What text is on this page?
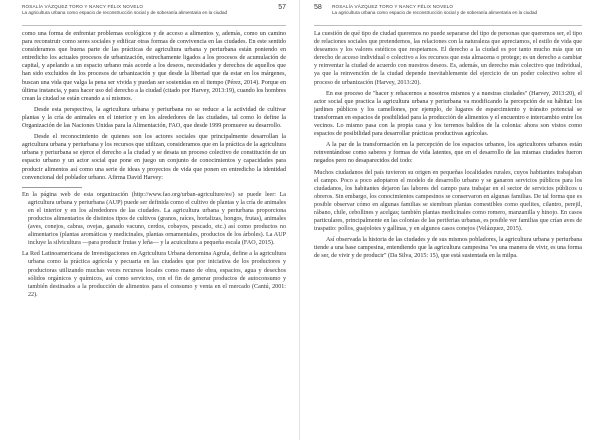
ROSALÍA VÁZQUEZ TORO Y NANCY FÉLIX NOVELO
La agricultura urbana como espacio de reconstrucción social y de soberanía alimentaria en la ciudad
57

como una forma de enfrentar problemas ecológicos y de acceso a alimentos y, además, como un camino para reconstruir como seres sociales y edificar otras formas de convivencia en las ciudades. En este sentido consideramos que buena parte de las prácticas de agricultura urbana y periurbana están poniendo en entredicho los actuales procesos de urbanización, estrechamente ligados a los procesos de acumulación de capital, y apelando a un espacio urbano más acorde a los deseos, necesidades y derechos de aquellos que han sido excluidos de los procesos de urbanización y que desde la libertad que da estar en los márgenes, buscan una vida que valga la pena ser vivida y puedan ser sostenidas en el tiempo (Pérez, 2014). Porque en última instancia, y para hacer uso del derecho a la ciudad (citado por Harvey, 2013:19), cuando los hombres crean la ciudad se están creando a sí mismos.

Desde esta perspectiva, la agricultura urbana y periurbana no se reduce a la actividad de cultivar plantas y la cría de animales en el interior y en los alrededores de las ciudades, tal como lo define la Organización de las Naciones Unidas para la Alimentación, FAO, que desde 1999 promueve su desarrollo.

Desde el reconocimiento de quienes son los actores sociales que principalmente desarrollan la agricultura urbana y periurbana y los recursos que utilizan, consideramos que en la práctica de la agricultura urbana y periurbana se ejerce el derecho a la ciudad y se desata un proceso colectivo de constitución de un espacio urbano y un actor social que pone en juego un conjunto de conocimientos y capacidades para producir alimentos así como una serie de ideas y proyectos de vida que ponen en entredicho la identidad convencional del poblador urbano. Afirma David Harvey:

En la página web de esta organización (http://www.fao.org/urban-agriculture/es/) se puede leer: La agricultura urbana y periurbana (AUP) puede ser definida como el cultivo de plantas y la cría de animales en el interior y en los alrededores de las ciudades. La agricultura urbana y periurbana proporciona productos alimentarios de distintos tipos de cultivos (granos, raíces, hortalizas, hongos, frutas), animales (aves, conejos, cabras, ovejas, ganado vacuno, cerdos, cobayos, pescado, etc.) así como productos no alimentarios (plantas aromáticas y medicinales, plantas ornamentales, productos de los árboles). La AUP incluye la silvicultura —para producir frutas y leña— y la acuicultura a pequeña escala (FAO, 2015).

La Red Latinoamericana de Investigaciones en Agricultura Urbana denomina Agrula, define a la agricultura urbana como la práctica agrícola y pecuaria en las ciudades que por iniciativa de los productores y productoras utilizando muchas veces recursos locales como mano de obra, espacios, agua y desechos sólidos orgánicos y químicos, así como servicios, con el fin de generar productos de autoconsumo y también destinados a la producción de alimentos para el consumo y venta en el mercado (Cantú, 2001: 22).

58 ROSALÍA VÁZQUEZ TORO Y NANCY FÉLIX NOVELO
La agricultura urbana como espacio de reconstrucción social y de soberanía alimentaria en la ciudad

La cuestión de qué tipo de ciudad queremos no puede separarse del tipo de personas que queremos ser, el tipo de relaciones sociales que pretendemos, las relaciones con la naturaleza que apreciamos, el estilo de vida que deseamos y los valores estéticos que respetamos. El derecho a la ciudad es por tanto mucho más que un derecho de acceso individual o colectivo a los recursos que esta almacena o protege; es un derecho a cambiar y reinventar la ciudad de acuerdo con nuestros deseos. Es, además, un derecho más colectivo que individual, ya que la reinvención de la ciudad depende inevitablemente del ejercicio de un poder colectivo sobre el proceso de urbanización (Harvey, 2013:20).

En ese proceso de "hacer y rehacernos a nosotros mismos y a nuestras ciudades" (Harvey, 2013:20), el actor social que practica la agricultura urbana y periurbana va modificando la percepción de su hábitat: los jardines públicos y los camellones, por ejemplo, de lugares de esparcimiento y tránsito potencial se transforman en espacios de posibilidad para la producción de alimentos y el encuentro e intercambio entre los vecinos. Lo mismo pasa con la propia casa y los terrenos baldíos de la colonia: ahora son vistos como espacios de posibilidad para desarrollar prácticas productivas agrícolas.

A la par de la transformación en la percepción de los espacios urbanos, los agricultores urbanos están reinventándose como saberes y formas de vida latentes, que en el desarrollo de las mismas ciudades fueron negados pero no desaparecidos del todo:

Muchos ciudadanos del país tuvieron su origen en pequeñas localidades rurales, cuyos habitantes trabajaban el campo. Poco a poco adoptaron el modelo de desarrollo urbano y se ganaron servicios públicos para los ciudadanos, los habitantes dejaron las labores del campo para trabajar en el sector de servicios públicos u obreros. Sin embargo, los conocimientos campesinos se conservaron en algunas familias. De tal forma que es posible observar cómo en algunas familias se siembran plantas comestibles como quelites, cilantro, perejil, rábano, chile, cebollines y acelgas; también plantas medicinales como romero, manzanilla y hinojo. En casos particulares, principalmente en las colonias de las periferias urbanas, es posible ver familias que crían aves de traspatio: pollos, guajolotes y gallinas, y en algunos casos conejos (Velázquez, 2015).

Así observada la historia de las ciudades y de sus mismos pobladores, la agricultura urbana y periurbana tiende a una base campesina, entendiendo que la agricultura campesina "es una manera de vivir, es una forma de ser, de vivir y de producir" (Da Silva, 2015: 15), que está sustentada en la milpa.
